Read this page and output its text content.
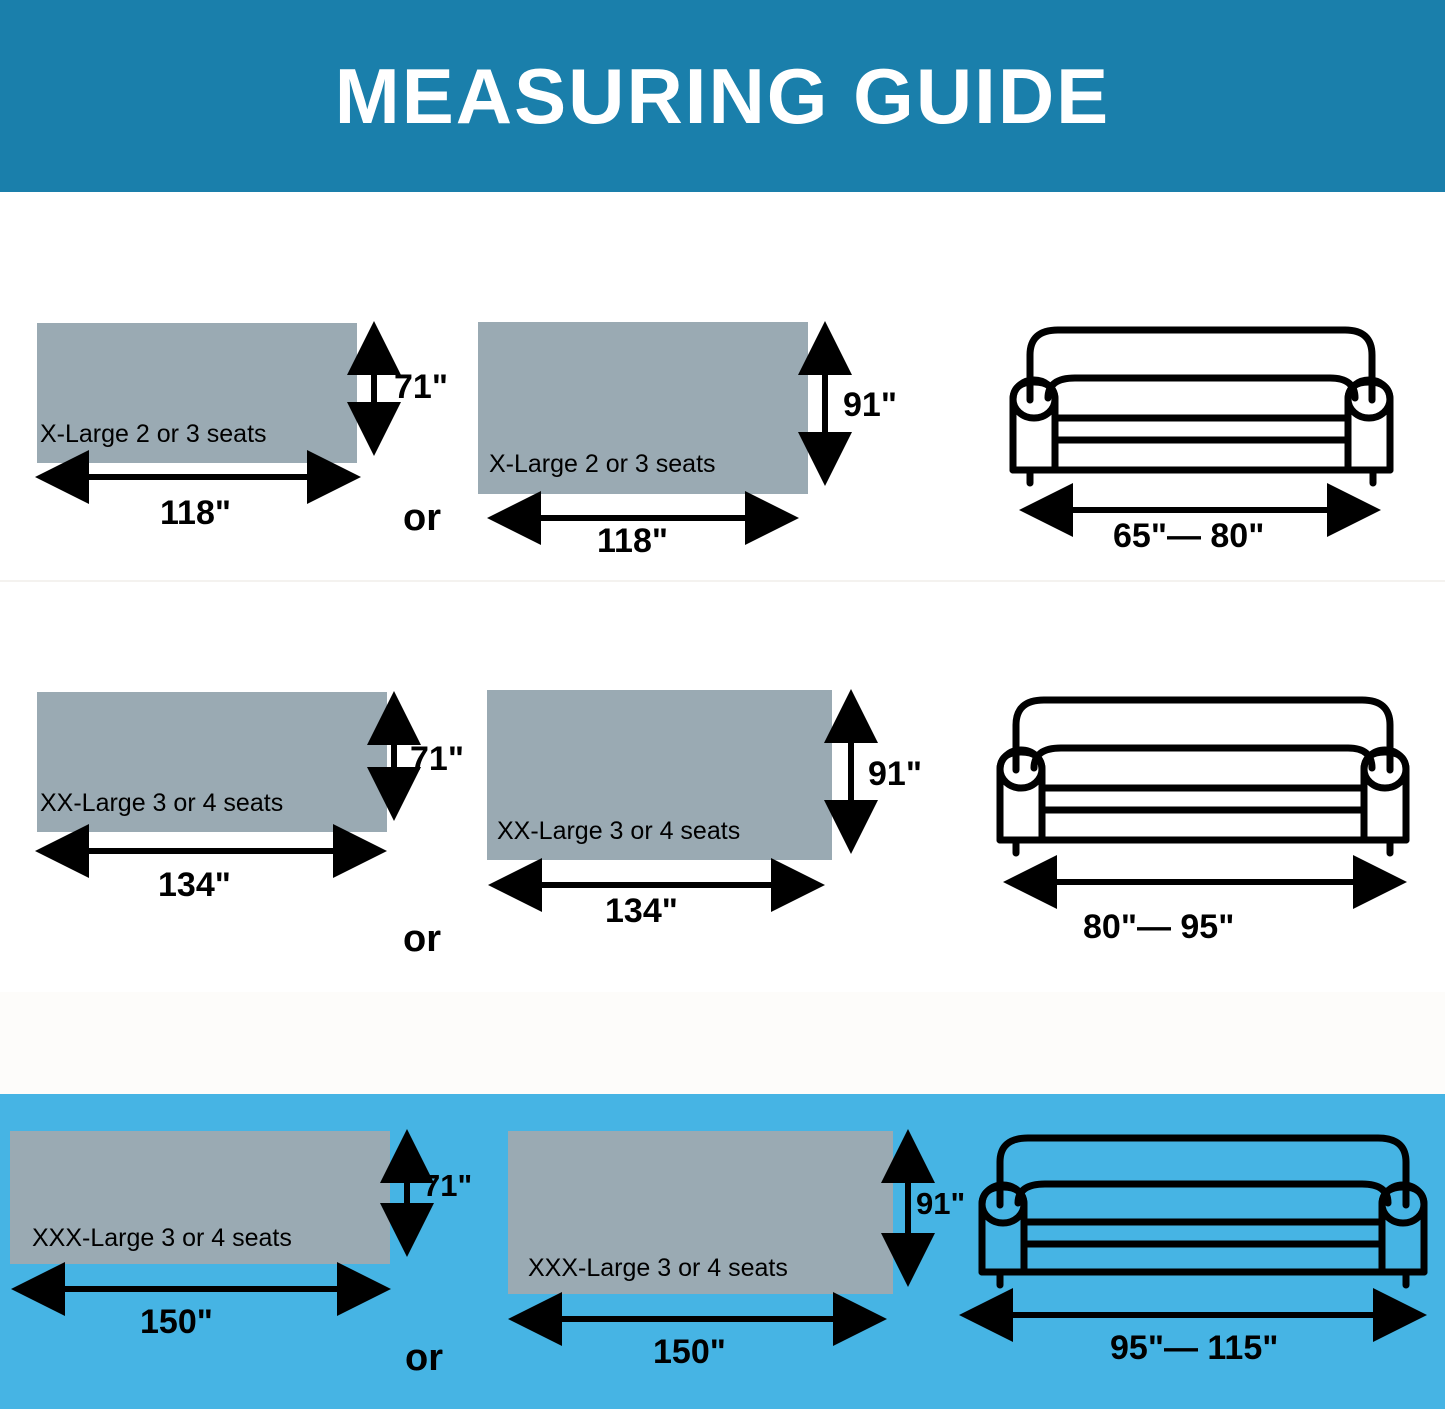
MEASURING GUIDE
X-Large 2 or 3 seats
X-Large 2 or 3 seats
XX-Large 3 or 4 seats
XX-Large 3 or 4 seats
XXX-Large 3 or 4 seats
XXX-Large 3 or 4 seats
71"
118"
91"
118"	65"— 80"
or
71"
134"
91"
134"	80"— 95"
or
71"
150"
91"
150"	95"— 115"
or
